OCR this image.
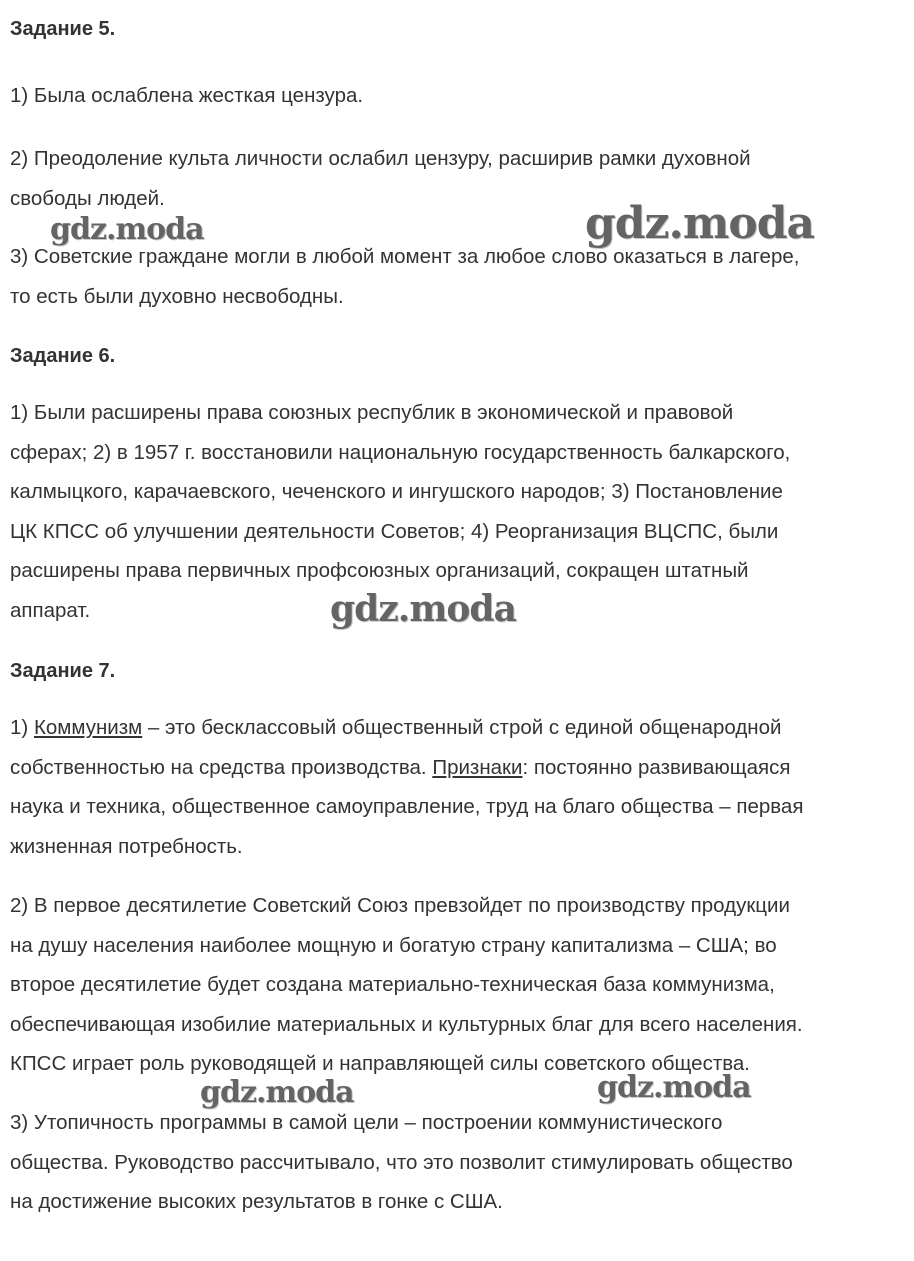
Задание 5.
1) Была ослаблена жесткая цензура.
2) Преодоление культа личности ослабил цензуру, расширив рамки духовной
свободы людей.
3) Советские граждане могли в любой момент за любое слово оказаться в лагере,
то есть были духовно несвободны.
Задание 6.
1) Были расширены права союзных республик в экономической и правовой
сферах; 2) в 1957 г. восстановили национальную государственность балкарского,
калмыцкого, карачаевского, чеченского и ингушского народов; 3) Постановление
ЦК КПСС об улучшении деятельности Советов; 4) Реорганизация ВЦСПС, были
расширены права первичных профсоюзных организаций, сокращен штатный
аппарат.
Задание 7.
1) Коммунизм – это бесклассовый общественный строй с единой общенародной
собственностью на средства производства. Признаки: постоянно развивающаяся
наука и техника, общественное самоуправление, труд на благо общества – первая
жизненная потребность.
2) В первое десятилетие Советский Союз превзойдет по производству продукции
на душу населения наиболее мощную и богатую страну капитализма – США; во
второе десятилетие будет создана материально-техническая база коммунизма,
обеспечивающая изобилие материальных и культурных благ для всего населения.
КПСС играет роль руководящей и направляющей силы советского общества.
3) Утопичность программы в самой цели – построении коммунистического
общества. Руководство рассчитывало, что это позволит стимулировать общество
на достижение высоких результатов в гонке с США.
gdz.moda	gdz.moda
gdz.moda
gdz.moda	gdz.moda
